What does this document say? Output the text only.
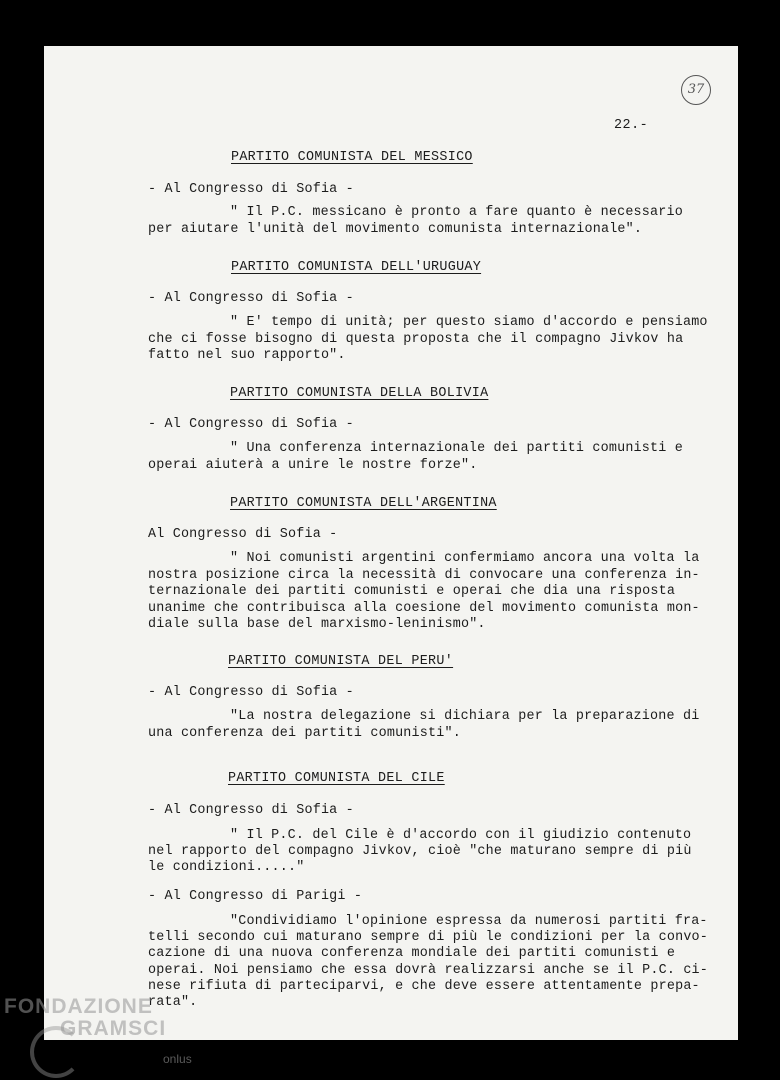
37
22.-
PARTITO COMUNISTA DEL MESSICO
- Al Congresso di Sofia -
" Il P.C. messicano è pronto a fare quanto è necessario
per aiutare l'unità del movimento comunista internazionale".
PARTITO COMUNISTA DELL'URUGUAY
- Al Congresso di Sofia -
" E' tempo di unità; per questo siamo d'accordo e pensiamo
che ci fosse bisogno di questa proposta che il compagno Jivkov ha
fatto nel suo rapporto".
PARTITO COMUNISTA DELLA BOLIVIA
- Al Congresso di Sofia -
" Una conferenza internazionale dei partiti comunisti e
operai aiuterà a unire le nostre forze".
PARTITO COMUNISTA DELL'ARGENTINA
Al Congresso di Sofia -
" Noi comunisti argentini confermiamo ancora una volta la
nostra posizione circa la necessità di convocare una conferenza in-
ternazionale dei partiti comunisti e operai che dia una risposta
unanime che contribuisca alla coesione del movimento comunista mon-
diale sulla base del marxismo-leninismo".
PARTITO COMUNISTA DEL PERU'
- Al Congresso di Sofia -
"La nostra delegazione si dichiara per la preparazione di
una conferenza dei partiti comunisti".
PARTITO COMUNISTA DEL CILE
- Al Congresso di Sofia -
" Il P.C. del Cile è d'accordo con il giudizio contenuto
nel rapporto del compagno Jivkov, cioè "che maturano sempre di più
le condizioni....."
- Al Congresso di Parigi -
"Condividiamo l'opinione espressa da numerosi partiti fra-
telli secondo cui maturano sempre di più le condizioni per la convo-
cazione di una nuova conferenza mondiale dei partiti comunisti e
operai. Noi pensiamo che essa dovrà realizzarsi anche se il P.C. ci-
nese rifiuta di parteciparvi, e che deve essere attentamente prepa-
rata".
FONDAZIONE
GRAMSCI
onlus
